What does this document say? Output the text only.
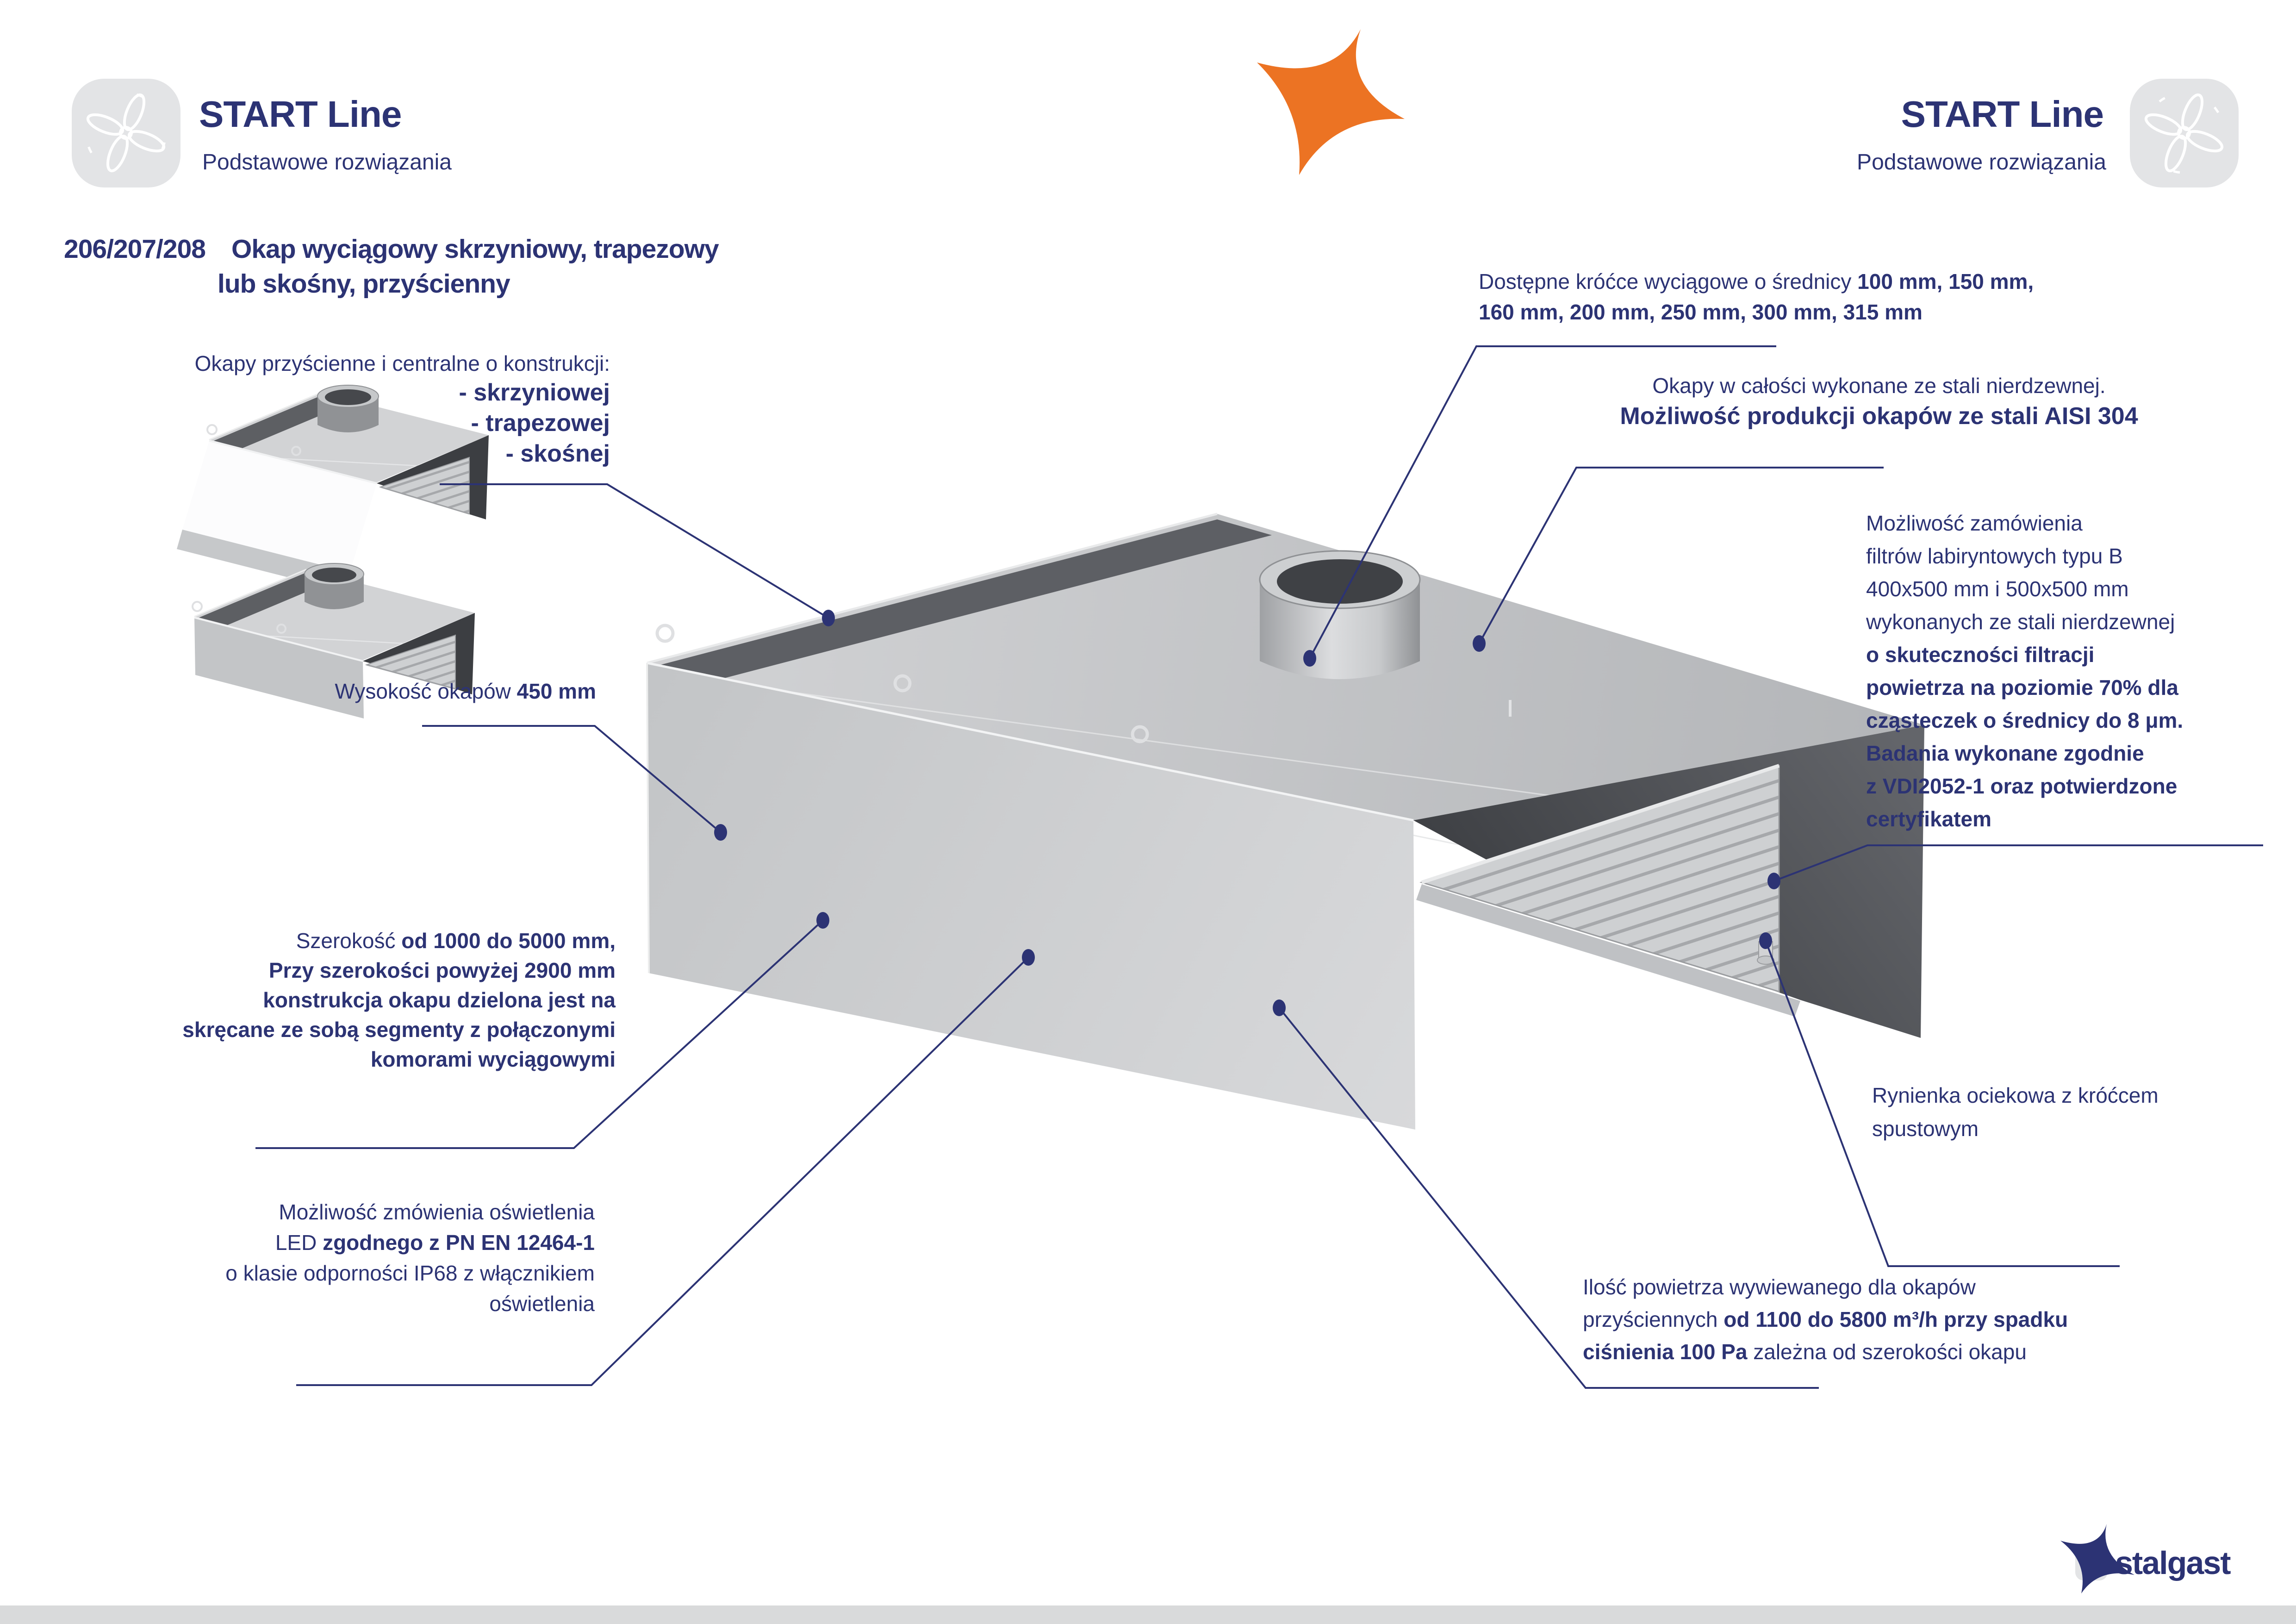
START Line
Podstawowe rozwiązania
START Line
Podstawowe rozwiązania
206/207/208 Okap wyciągowy skrzyniowy, trapezowy
lub skośny, przyścienny
Okapy przyścienne i centralne o konstrukcji:
- skrzyniowej
- trapezowej
- skośnej
Wysokość okapów 450 mm
Szerokość od 1000 do 5000 mm,
Przy szerokości powyżej 2900 mm
konstrukcja okapu dzielona jest na
skręcane ze sobą segmenty z połączonymi
komorami wyciągowymi
Możliwość zmówienia oświetlenia
LED zgodnego z PN EN 12464-1
o klasie odporności IP68 z włącznikiem
oświetlenia
Dostępne króćce wyciągowe o średnicy 100 mm, 150 mm,
160 mm, 200 mm, 250 mm, 300 mm, 315 mm
Okapy w całości wykonane ze stali nierdzewnej.
Możliwość produkcji okapów ze stali AISI 304
Możliwość zamówienia
filtrów labiryntowych typu B
400x500 mm i 500x500 mm
wykonanych ze stali nierdzewnej
o skuteczności filtracji
powietrza na poziomie 70% dla
cząsteczek o średnicy do 8 μm.
Badania wykonane zgodnie
z VDI2052-1 oraz potwierdzone
certyfikatem
Rynienka ociekowa z króćcem
spustowym
Ilość powietrza wywiewanego dla okapów
przyściennych od 1100 do 5800 m³/h przy spadku
ciśnienia 100 Pa zależna od szerokości okapu
stalgast
